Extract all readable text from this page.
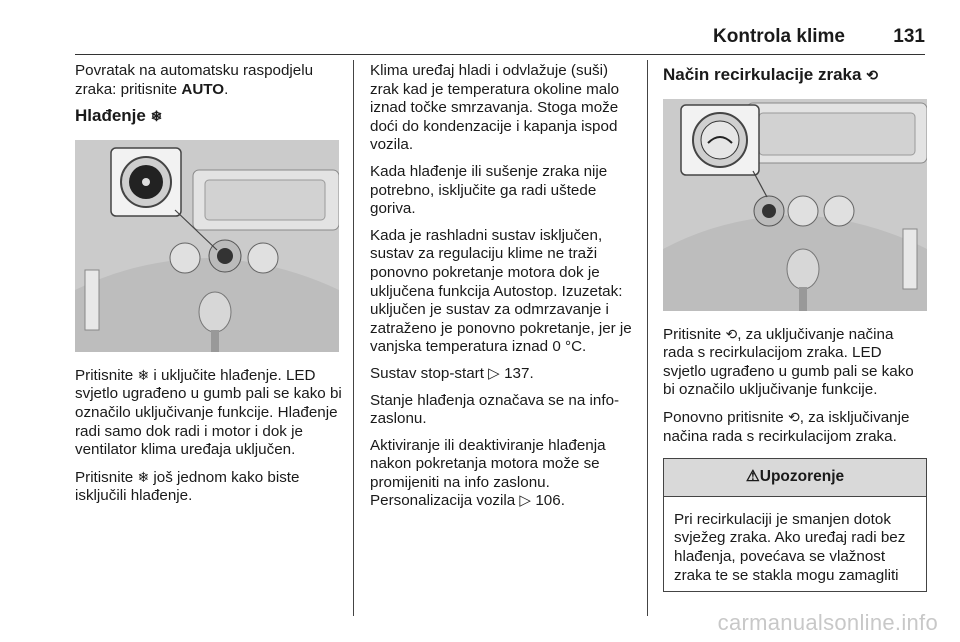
Kontrola klime	131

Povratak na automatsku raspodjelu
zraka: pritisnite AUTO.

Hlađenje ❄

Pritisnite ❄ i uključite hlađenje. LED svjetlo ugrađeno u gumb pali se kako bi označilo uključivanje funkcije. Hlađenje radi samo dok radi i motor i dok je ventilator klima uređaja uključen.

Pritisnite ❄ još jednom kako biste isključili hlađenje.

Klima uređaj hladi i odvlažuje (suši) zrak kad je temperatura okoline malo iznad točke smrzavanja. Stoga može doći do kondenzacije i kapanja ispod vozila.

Kada hlađenje ili sušenje zraka nije potrebno, isključite ga radi uštede goriva.

Kada je rashladni sustav isključen, sustav za regulaciju klime ne traži ponovno pokretanje motora dok je uključena funkcija Autostop. Izuzetak: uključen je sustav za odmrzavanje i zatraženo je ponovno pokretanje, jer je vanjska temperatura iznad 0 °C.

Sustav stop-start ▷ 137.

Stanje hlađenja označava se na info-zaslonu.

Aktiviranje ili deaktiviranje hlađenja nakon pokretanja motora može se promijeniti na info zaslonu. Personalizacija vozila ▷ 106.

Način recirkulacije zraka ⟲

Pritisnite ⟲, za uključivanje načina rada s recirkulacijom zraka. LED svjetlo ugrađeno u gumb pali se kako bi označilo uključivanje funkcije.

Ponovno pritisnite ⟲, za isključivanje načina rada s recirkulacijom zraka.

⚠Upozorenje
Pri recirkulaciji je smanjen dotok svježeg zraka. Ako uređaj radi bez hlađenja, povećava se vlažnost zraka te se stakla mogu zamagliti
carmanualsonline.info
